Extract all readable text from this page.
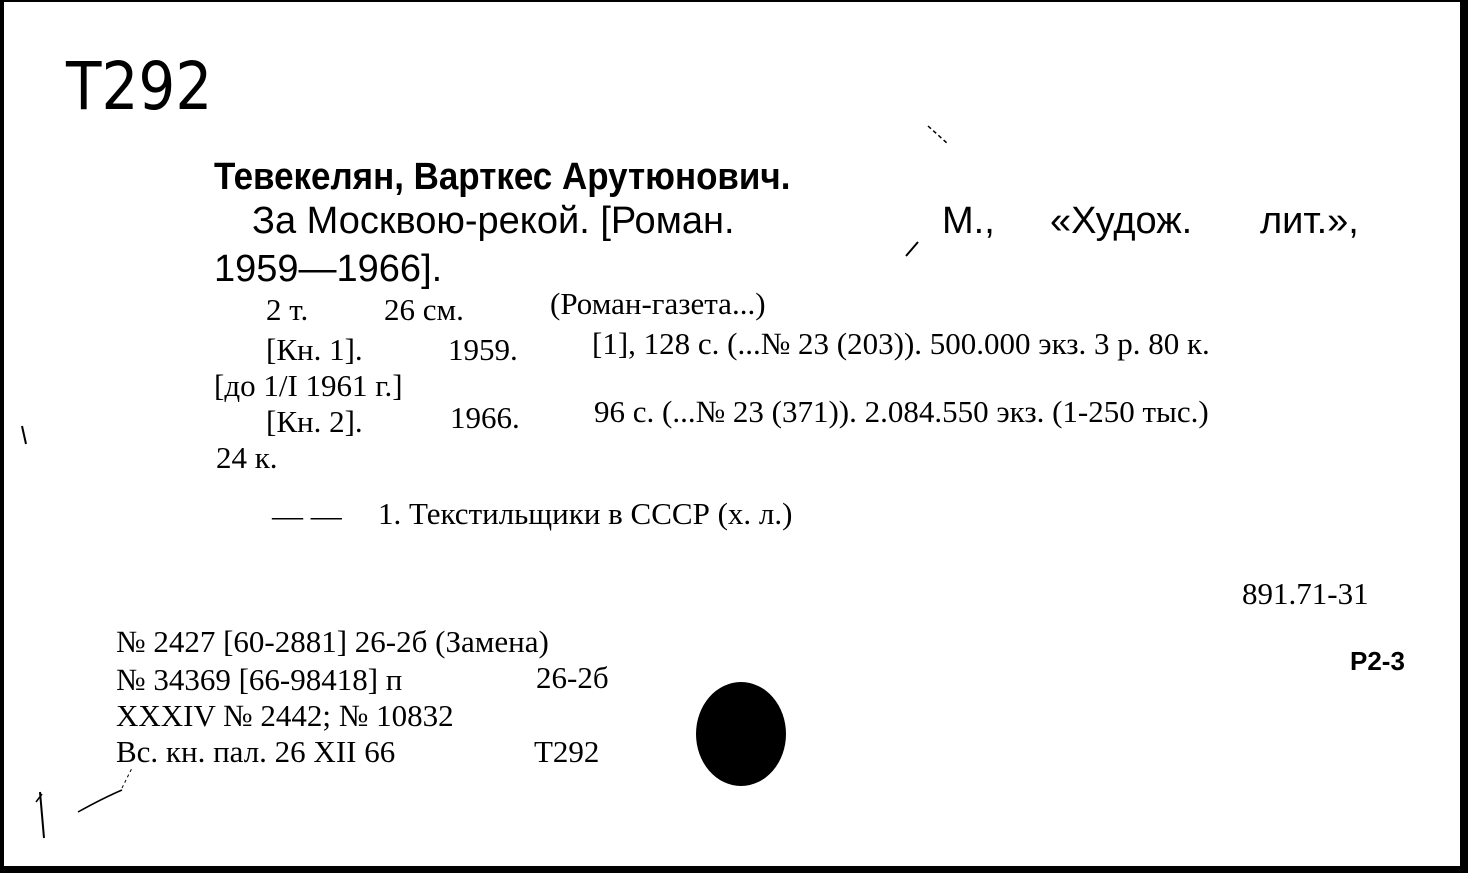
Т292
Тевекелян, Варткес Арутюнович.
За Москвою-рекой. [Роман.	М., «Худож. лит.»,
1959—1966].
2 т. 26 см.	(Роман-газета...)
[Кн. 1].	1959. [1], 128 с. (...№ 23 (203)). 500.000 экз. 3 р. 80 к.
[до 1/I 1961 г.]
[Кн. 2].	1966. 96 с. (...№ 23 (371)). 2.084.550 экз. (1-250 тыс.)
24 к.
— — 1. Текстильщики в СССР (х. л.)
891.71-31
Р2-3
№ 2427 [60-2881] 26-2б (Замена)
№ 34369 [66-98418] п	26-2б
XXXIV № 2442; № 10832
Вс. кн. пал. 26 XII 66	Т292
